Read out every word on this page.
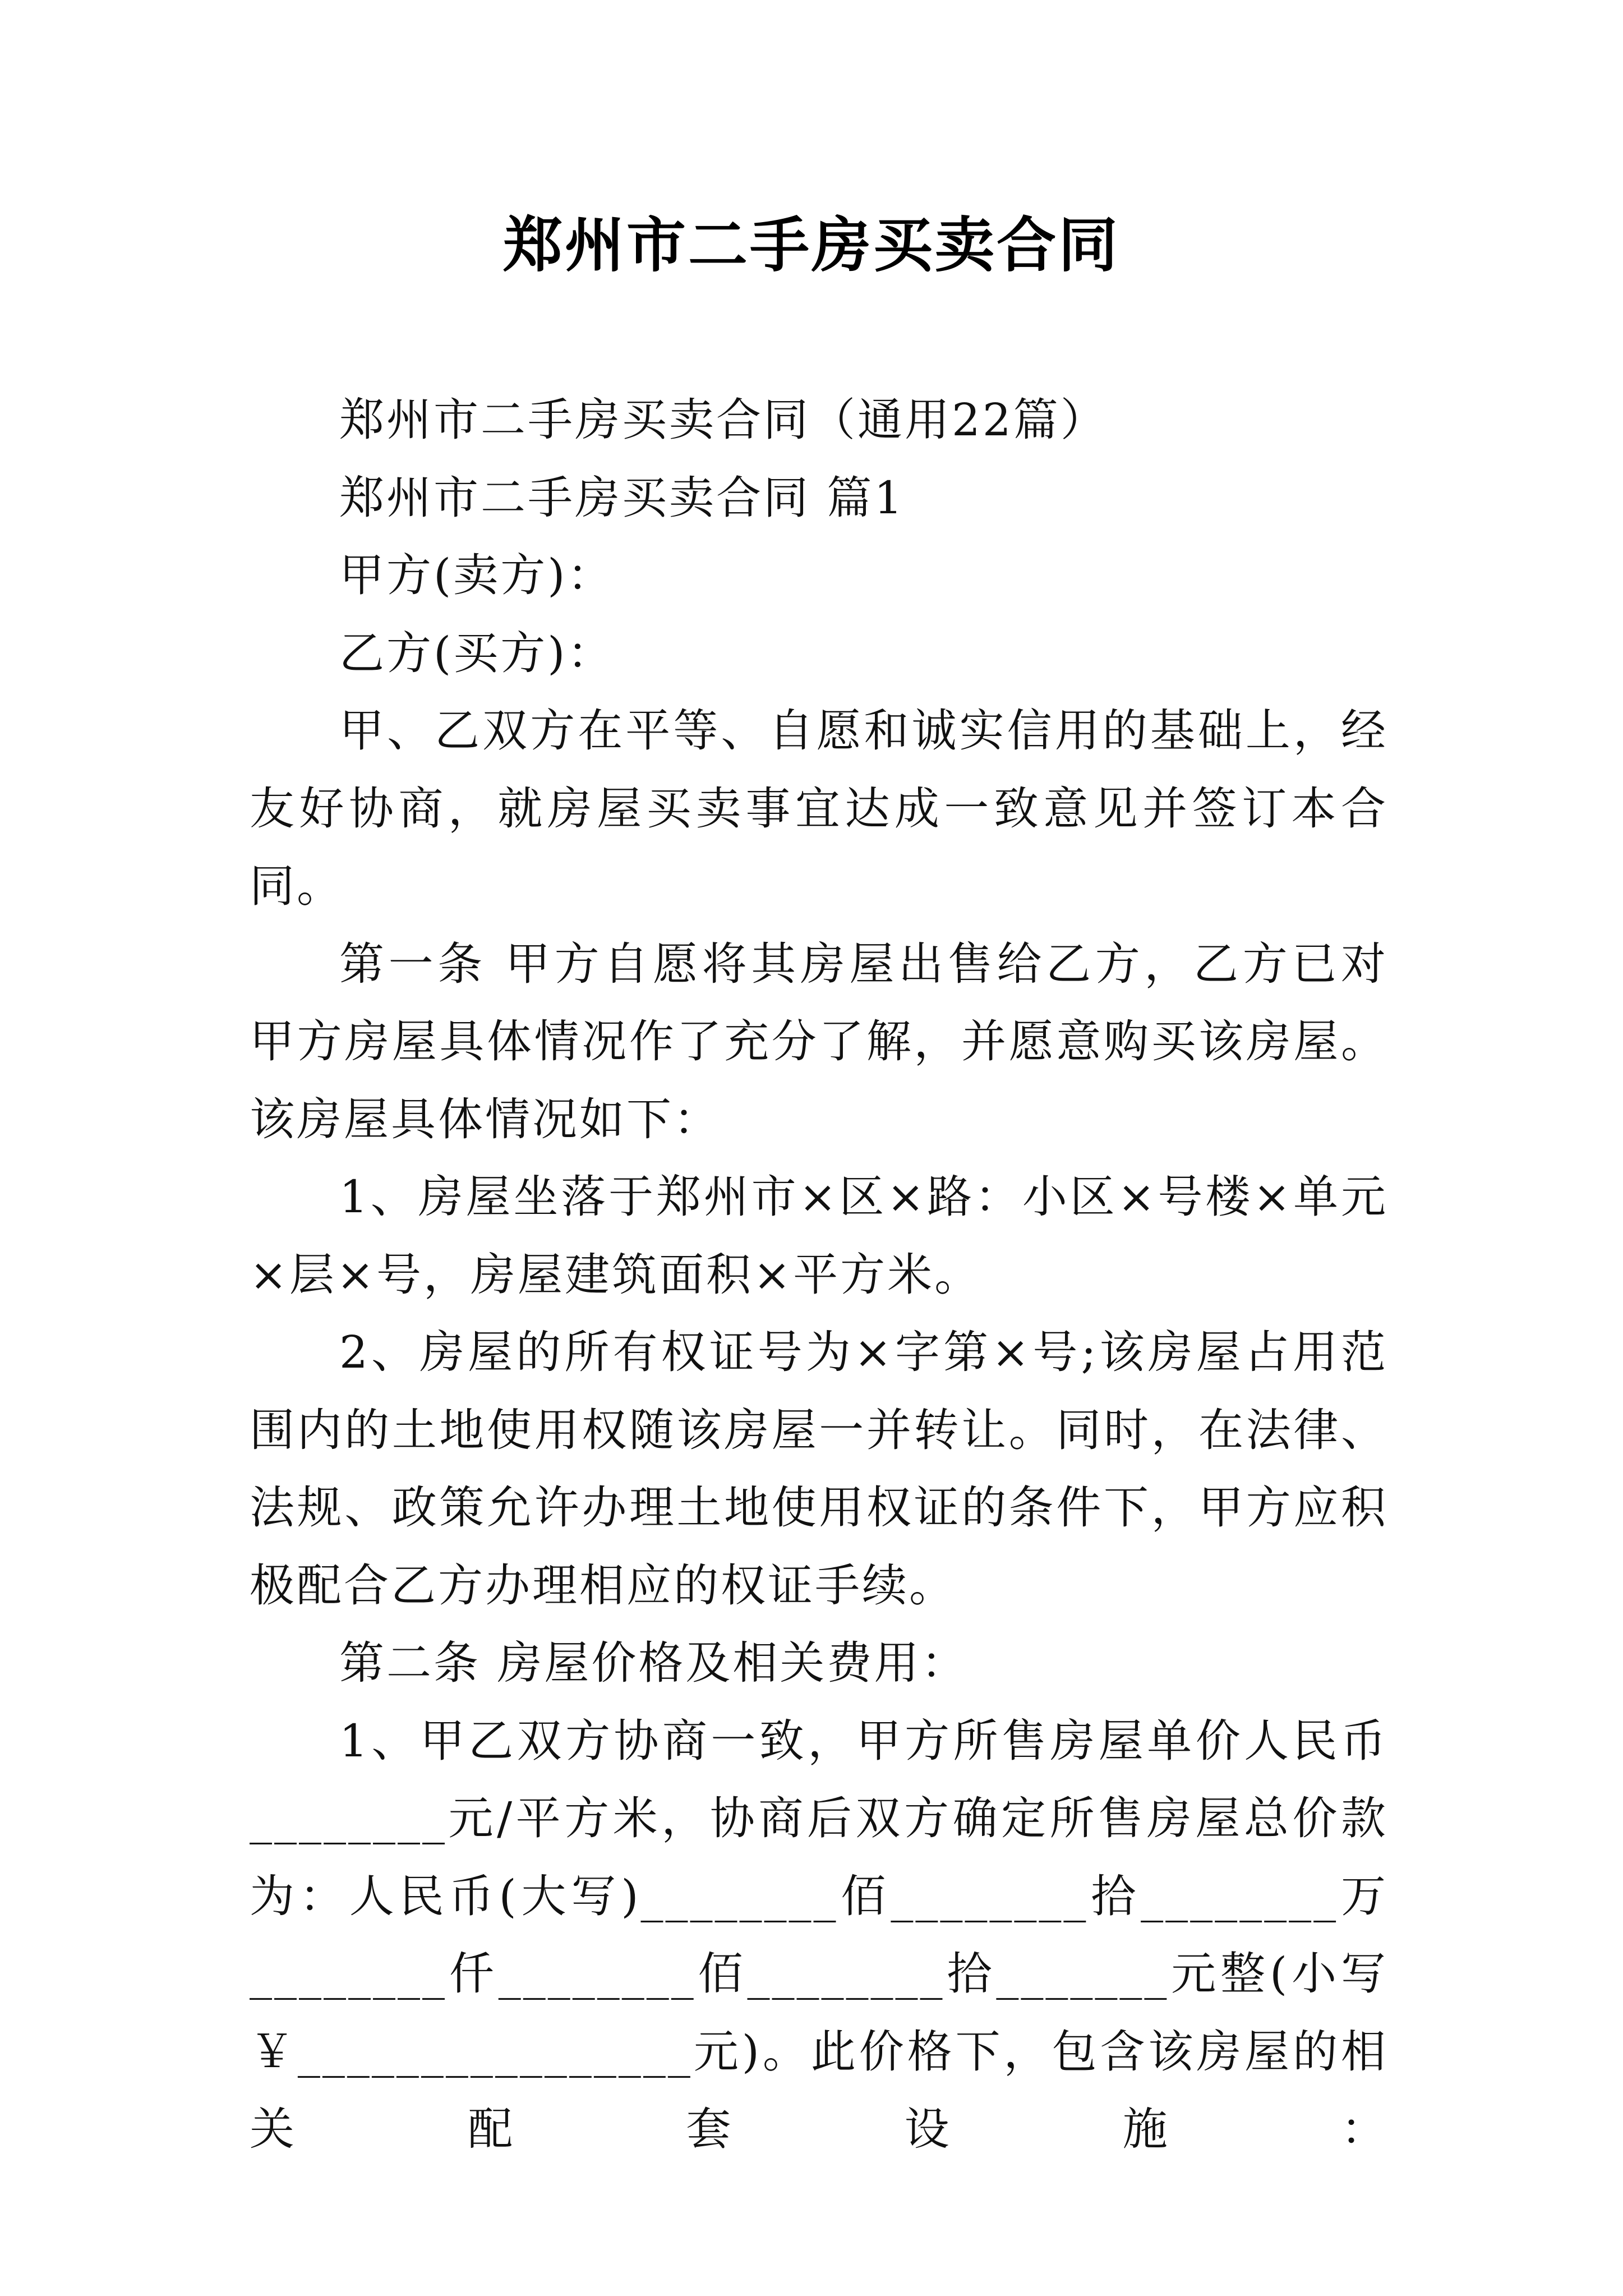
郑州市二手房买卖合同

郑州市二手房买卖合同（通用22篇）

郑州市二手房买卖合同 篇1

甲方(卖方)：

乙方(买方)：

甲、乙双方在平等、自愿和诚实信用的基础上，经友好协商，就房屋买卖事宜达成一致意见并签订本合同。

第一条 甲方自愿将其房屋出售给乙方，乙方已对甲方房屋具体情况作了充分了解，并愿意购买该房屋。该房屋具体情况如下：

1、房屋坐落于郑州市×区×路：小区×号楼×单元×层×号，房屋建筑面积×平方米。

2、房屋的所有权证号为×字第×号;该房屋占用范围内的土地使用权随该房屋一并转让。同时，在法律、法规、政策允许办理土地使用权证的条件下，甲方应积极配合乙方办理相应的权证手续。

第二条 房屋价格及相关费用：

1、甲乙双方协商一致，甲方所售房屋单价人民币________元/平方米，协商后双方确定所售房屋总价款为：人民币(大写)________佰________拾________万________仟________佰________拾_______元整(小写￥________________元)。此价格下，包含该房屋的相关配套设施：
